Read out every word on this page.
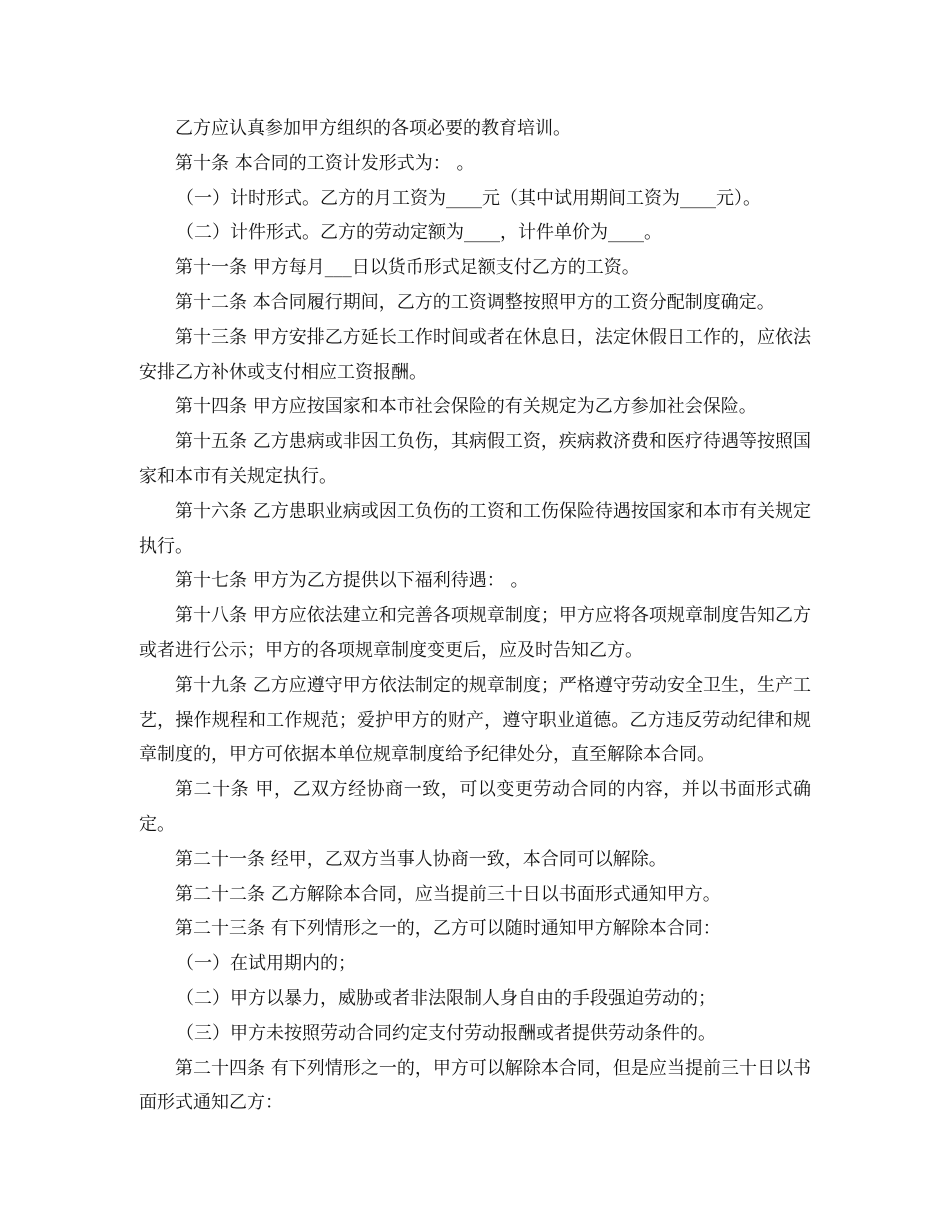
乙方应认真参加甲方组织的各项必要的教育培训。

第十条 本合同的工资计发形式为： 。

（一）计时形式。乙方的月工资为____元（其中试用期间工资为____元）。

（二）计件形式。乙方的劳动定额为____，计件单价为____。

第十一条 甲方每月___日以货币形式足额支付乙方的工资。

第十二条 本合同履行期间，乙方的工资调整按照甲方的工资分配制度确定。

第十三条 甲方安排乙方延长工作时间或者在休息日，法定休假日工作的，应依法安排乙方补休或支付相应工资报酬。

第十四条 甲方应按国家和本市社会保险的有关规定为乙方参加社会保险。

第十五条 乙方患病或非因工负伤，其病假工资，疾病救济费和医疗待遇等按照国家和本市有关规定执行。

第十六条 乙方患职业病或因工负伤的工资和工伤保险待遇按国家和本市有关规定执行。

第十七条 甲方为乙方提供以下福利待遇： 。

第十八条 甲方应依法建立和完善各项规章制度；甲方应将各项规章制度告知乙方或者进行公示；甲方的各项规章制度变更后，应及时告知乙方。

第十九条 乙方应遵守甲方依法制定的规章制度；严格遵守劳动安全卫生，生产工艺，操作规程和工作规范；爱护甲方的财产，遵守职业道德。乙方违反劳动纪律和规章制度的，甲方可依据本单位规章制度给予纪律处分，直至解除本合同。

第二十条 甲，乙双方经协商一致，可以变更劳动合同的内容，并以书面形式确定。

第二十一条 经甲，乙双方当事人协商一致，本合同可以解除。

第二十二条 乙方解除本合同，应当提前三十日以书面形式通知甲方。

第二十三条 有下列情形之一的，乙方可以随时通知甲方解除本合同：

（一）在试用期内的；

（二）甲方以暴力，威胁或者非法限制人身自由的手段强迫劳动的；

（三）甲方未按照劳动合同约定支付劳动报酬或者提供劳动条件的。

第二十四条 有下列情形之一的，甲方可以解除本合同，但是应当提前三十日以书面形式通知乙方：
